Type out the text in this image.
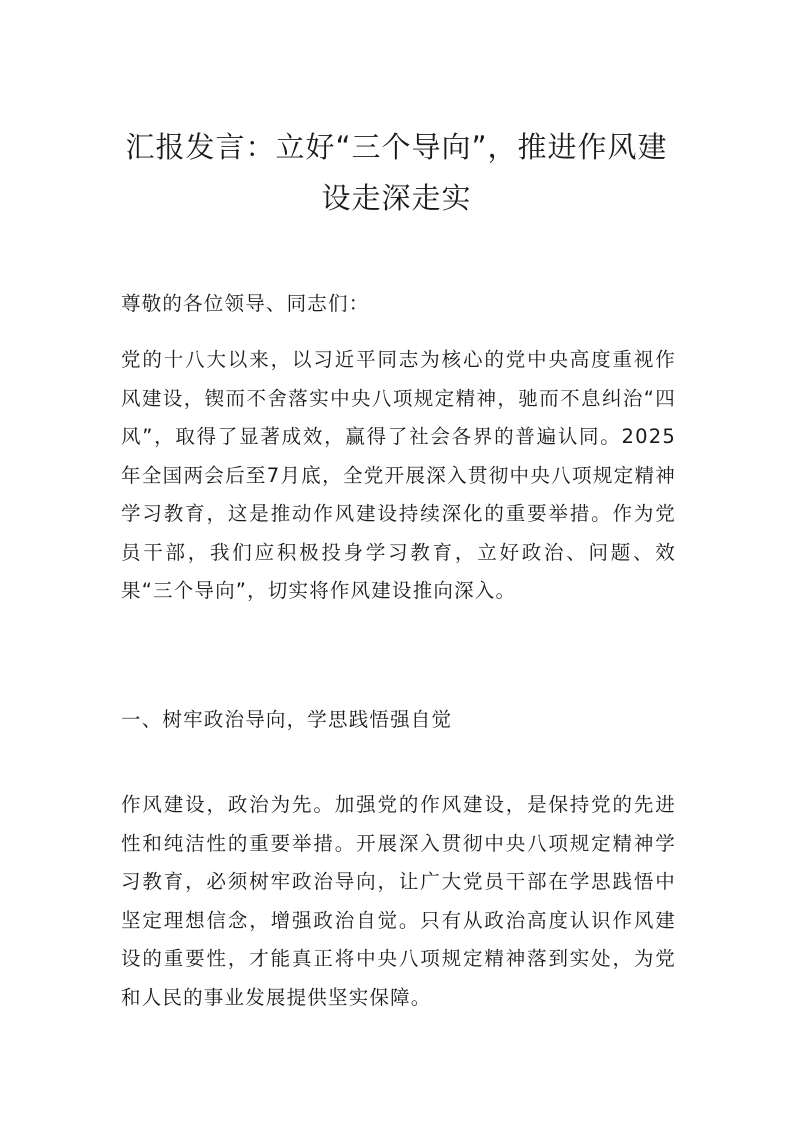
汇报发言：立好“三个导向”，推进作风建
设走深走实

尊敬的各位领导、同志们：

党的十八大以来，以习近平同志为核心的党中央高度重视作风建设，锲而不舍落实中央八项规定精神，驰而不息纠治“四风”，取得了显著成效，赢得了社会各界的普遍认同。2025年全国两会后至7月底，全党开展深入贯彻中央八项规定精神学习教育，这是推动作风建设持续深化的重要举措。作为党员干部，我们应积极投身学习教育，立好政治、问题、效果“三个导向”，切实将作风建设推向深入。

一、树牢政治导向，学思践悟强自觉

作风建设，政治为先。加强党的作风建设，是保持党的先进性和纯洁性的重要举措。开展深入贯彻中央八项规定精神学习教育，必须树牢政治导向，让广大党员干部在学思践悟中坚定理想信念，增强政治自觉。只有从政治高度认识作风建设的重要性，才能真正将中央八项规定精神落到实处，为党和人民的事业发展提供坚实保障。
